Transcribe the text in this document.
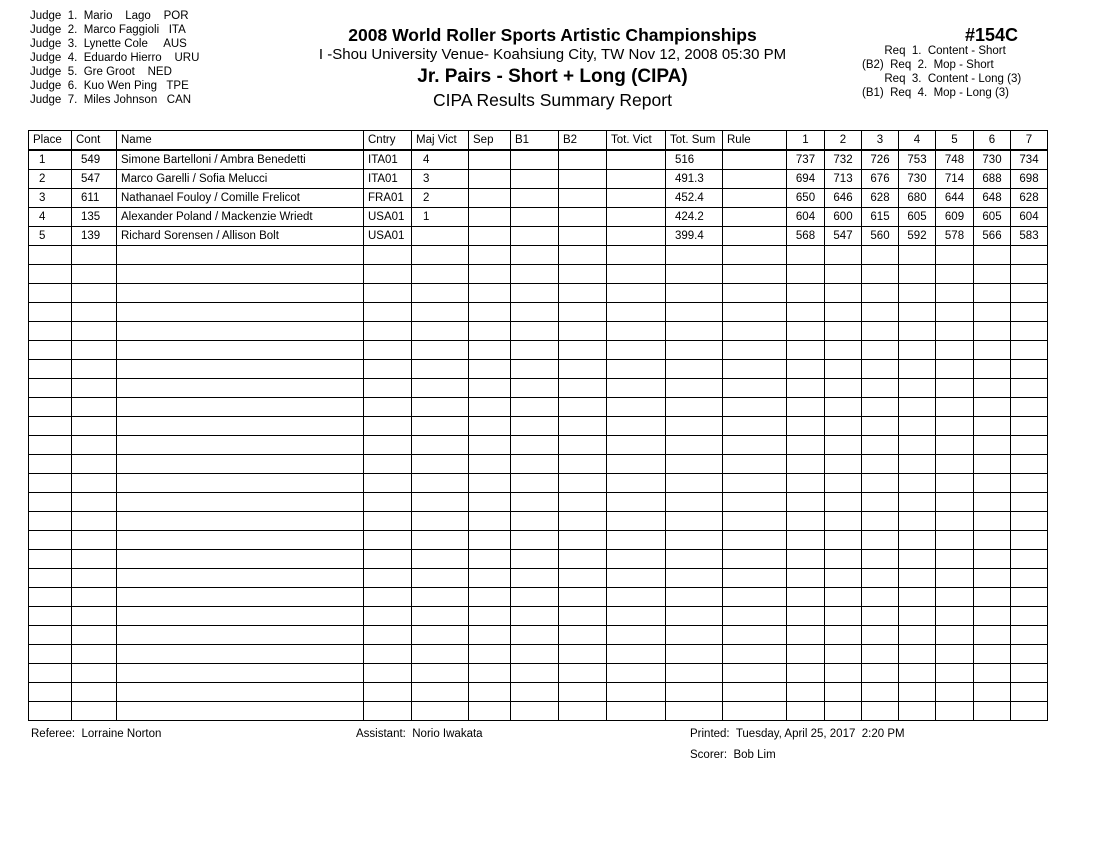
Judge  1.  Mario    Lago    POR
Judge  2.  Marco Faggioli   ITA
Judge  3.  Lynette Cole     AUS
Judge  4.  Eduardo Hierro    URU
Judge  5.  Gre Groot    NED
Judge  6.  Kuo Wen Ping   TPE
Judge  7.  Miles Johnson   CAN
2008 World Roller Sports Artistic Championships
I -Shou University Venue- Koahsiung City, TW Nov 12, 2008 05:30 PM
Jr. Pairs - Short + Long (CIPA)
CIPA Results Summary Report
#154C
Req  1.  Content - Short
(B2)  Req  2.  Mop - Short
Req  3.  Content - Long (3)
(B1)  Req  4.  Mop - Long (3)
Place	Cont	Name	Cntry	Maj Vict	Sep	B1	B2	Tot. Vict	Tot. Sum	Rule	1	2	3	4	5	6	7
1	549	Simone Bartelloni / Ambra Benedetti	ITA01	4					516		737	732	726	753	748	730	734
2	547	Marco Garelli / Sofia Melucci	ITA01	3					491.3		694	713	676	730	714	688	698
3	611	Nathanael Fouloy / Comille Frelicot	FRA01	2					452.4		650	646	628	680	644	648	628
4	135	Alexander Poland / Mackenzie Wriedt	USA01	1					424.2		604	600	615	605	609	605	604
5	139	Richard Sorensen / Allison Bolt	USA01						399.4		568	547	560	592	578	566	583

Referee:  Lorraine Norton	Assistant:  Norio Iwakata	Printed:  Tuesday, April 25, 2017  2:20 PM
Scorer:  Bob Lim
